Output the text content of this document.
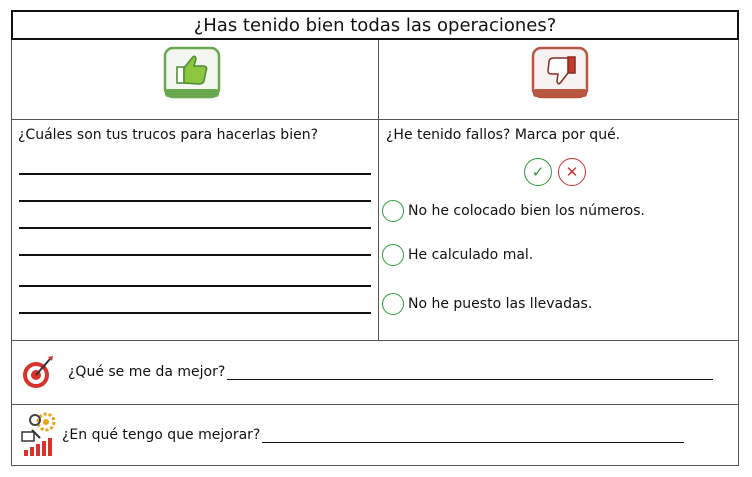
¿Has tenido bien todas las operaciones?
¿Cuáles son tus trucos para hacerlas bien?	¿He tenido fallos? Marca por qué.
✓	✕
No he colocado bien los números.
He calculado mal.
No he puesto las llevadas.
¿Qué se me da mejor?
¿En qué tengo que mejorar?
